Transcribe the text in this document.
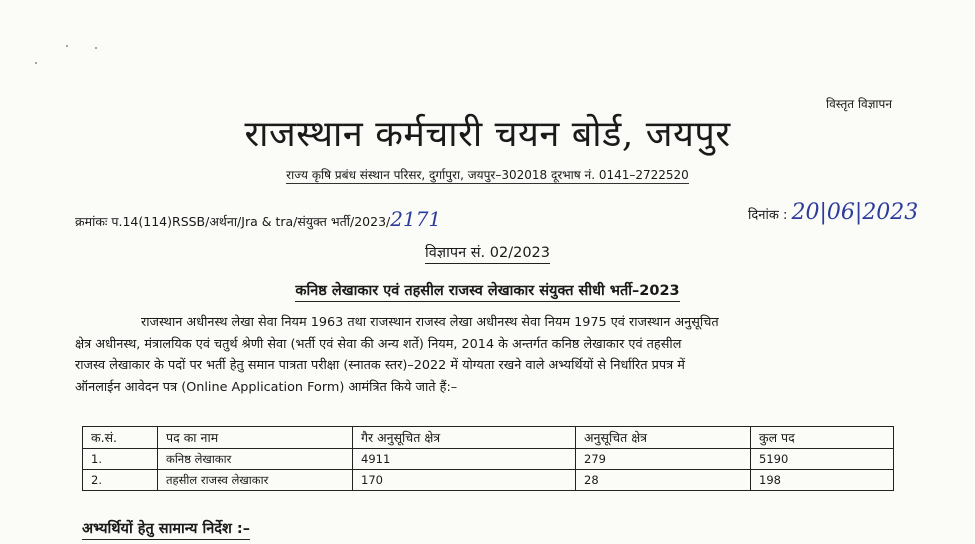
विस्तृत विज्ञापन
राजस्थान कर्मचारी चयन बोर्ड, जयपुर
राज्य कृषि प्रबंध संस्थान परिसर, दुर्गापुरा, जयपुर–302018 दूरभाष नं. 0141–2722520
क्रमांकः प.14(114)RSSB/अर्थना/Jra & tra/संयुक्त भर्ती/2023/2171	दिनांक : 20|06|2023
विज्ञापन सं. 02/2023
कनिष्ठ लेखाकार एवं तहसील राजस्व लेखाकार संयुक्त सीधी भर्ती–2023
राजस्थान अधीनस्थ लेखा सेवा नियम 1963 तथा राजस्थान राजस्व लेखा अधीनस्थ सेवा नियम 1975 एवं राजस्थान अनुसूचित
क्षेत्र अधीनस्थ, मंत्रालयिक एवं चतुर्थ श्रेणी सेवा (भर्ती एवं सेवा की अन्य शर्ते) नियम, 2014 के अन्तर्गत कनिष्ठ लेखाकार एवं तहसील
राजस्व लेखाकार के पदों पर भर्ती हेतु समान पात्रता परीक्षा (स्नातक स्तर)–2022 में योग्यता रखने वाले अभ्यर्थियों से निर्धारित प्रपत्र में
ऑनलाईन आवेदन पत्र (Online Application Form) आमंत्रित किये जाते हैं:–
क.सं.	पद का नाम	गैर अनुसूचित क्षेत्र	अनुसूचित क्षेत्र	कुल पद
1.	कनिष्ठ लेखाकार	4911	279	5190
2.	तहसील राजस्व लेखाकार	170	28	198
अभ्यर्थियों हेतु सामान्य निर्देश :–
